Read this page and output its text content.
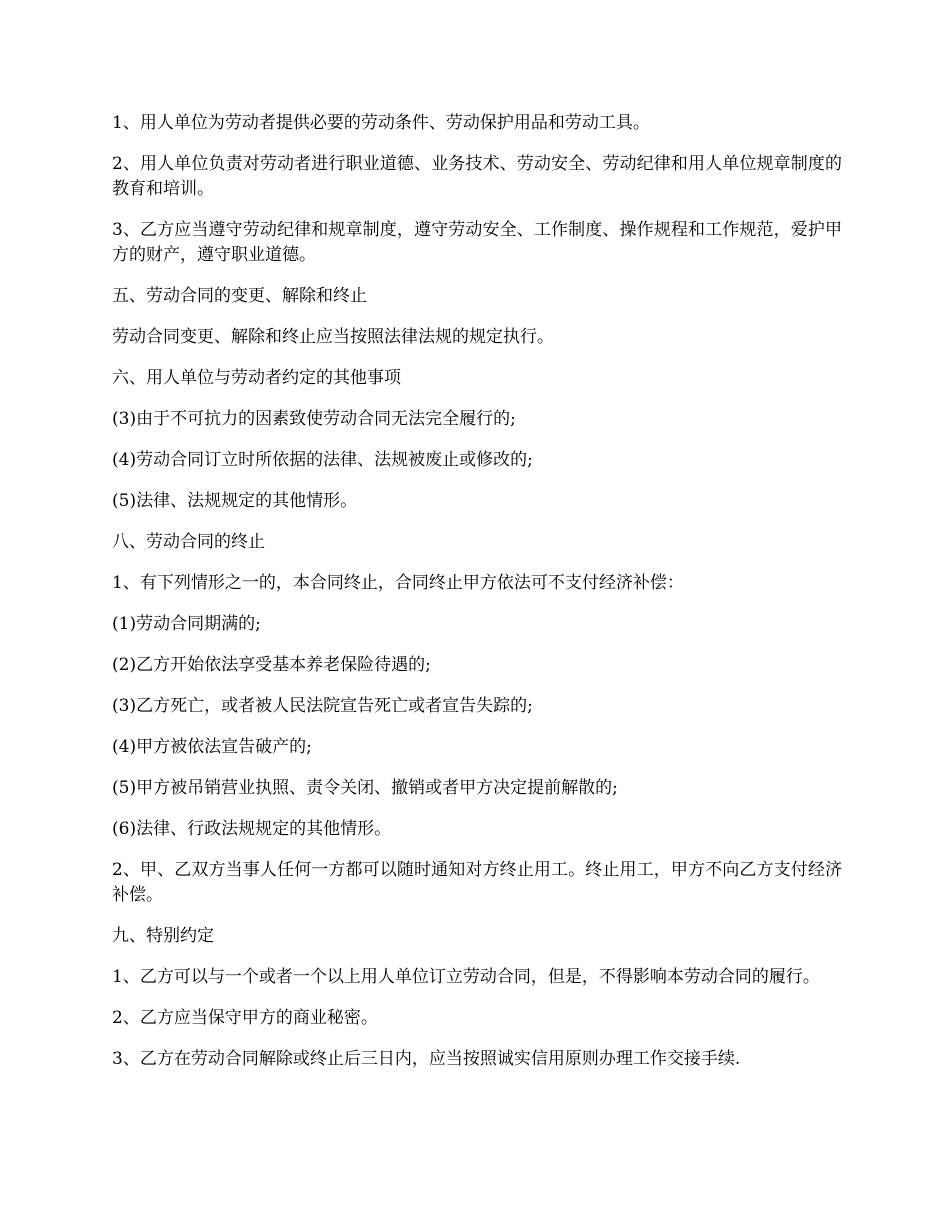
1、用人单位为劳动者提供必要的劳动条件、劳动保护用品和劳动工具。

2、用人单位负责对劳动者进行职业道德、业务技术、劳动安全、劳动纪律和用人单位规章制度的教育和培训。

3、乙方应当遵守劳动纪律和规章制度，遵守劳动安全、工作制度、操作规程和工作规范，爱护甲方的财产，遵守职业道德。

五、劳动合同的变更、解除和终止

劳动合同变更、解除和终止应当按照法律法规的规定执行。

六、用人单位与劳动者约定的其他事项

(3)由于不可抗力的因素致使劳动合同无法完全履行的;

(4)劳动合同订立时所依据的法律、法规被废止或修改的;

(5)法律、法规规定的其他情形。

八、劳动合同的终止

1、有下列情形之一的，本合同终止，合同终止甲方依法可不支付经济补偿：

(1)劳动合同期满的;

(2)乙方开始依法享受基本养老保险待遇的;

(3)乙方死亡，或者被人民法院宣告死亡或者宣告失踪的;

(4)甲方被依法宣告破产的;

(5)甲方被吊销营业执照、责令关闭、撤销或者甲方决定提前解散的;

(6)法律、行政法规规定的其他情形。

2、甲、乙双方当事人任何一方都可以随时通知对方终止用工。终止用工，甲方不向乙方支付经济补偿。

九、特别约定

1、乙方可以与一个或者一个以上用人单位订立劳动合同，但是，不得影响本劳动合同的履行。

2、乙方应当保守甲方的商业秘密。

3、乙方在劳动合同解除或终止后三日内，应当按照诚实信用原则办理工作交接手续.
